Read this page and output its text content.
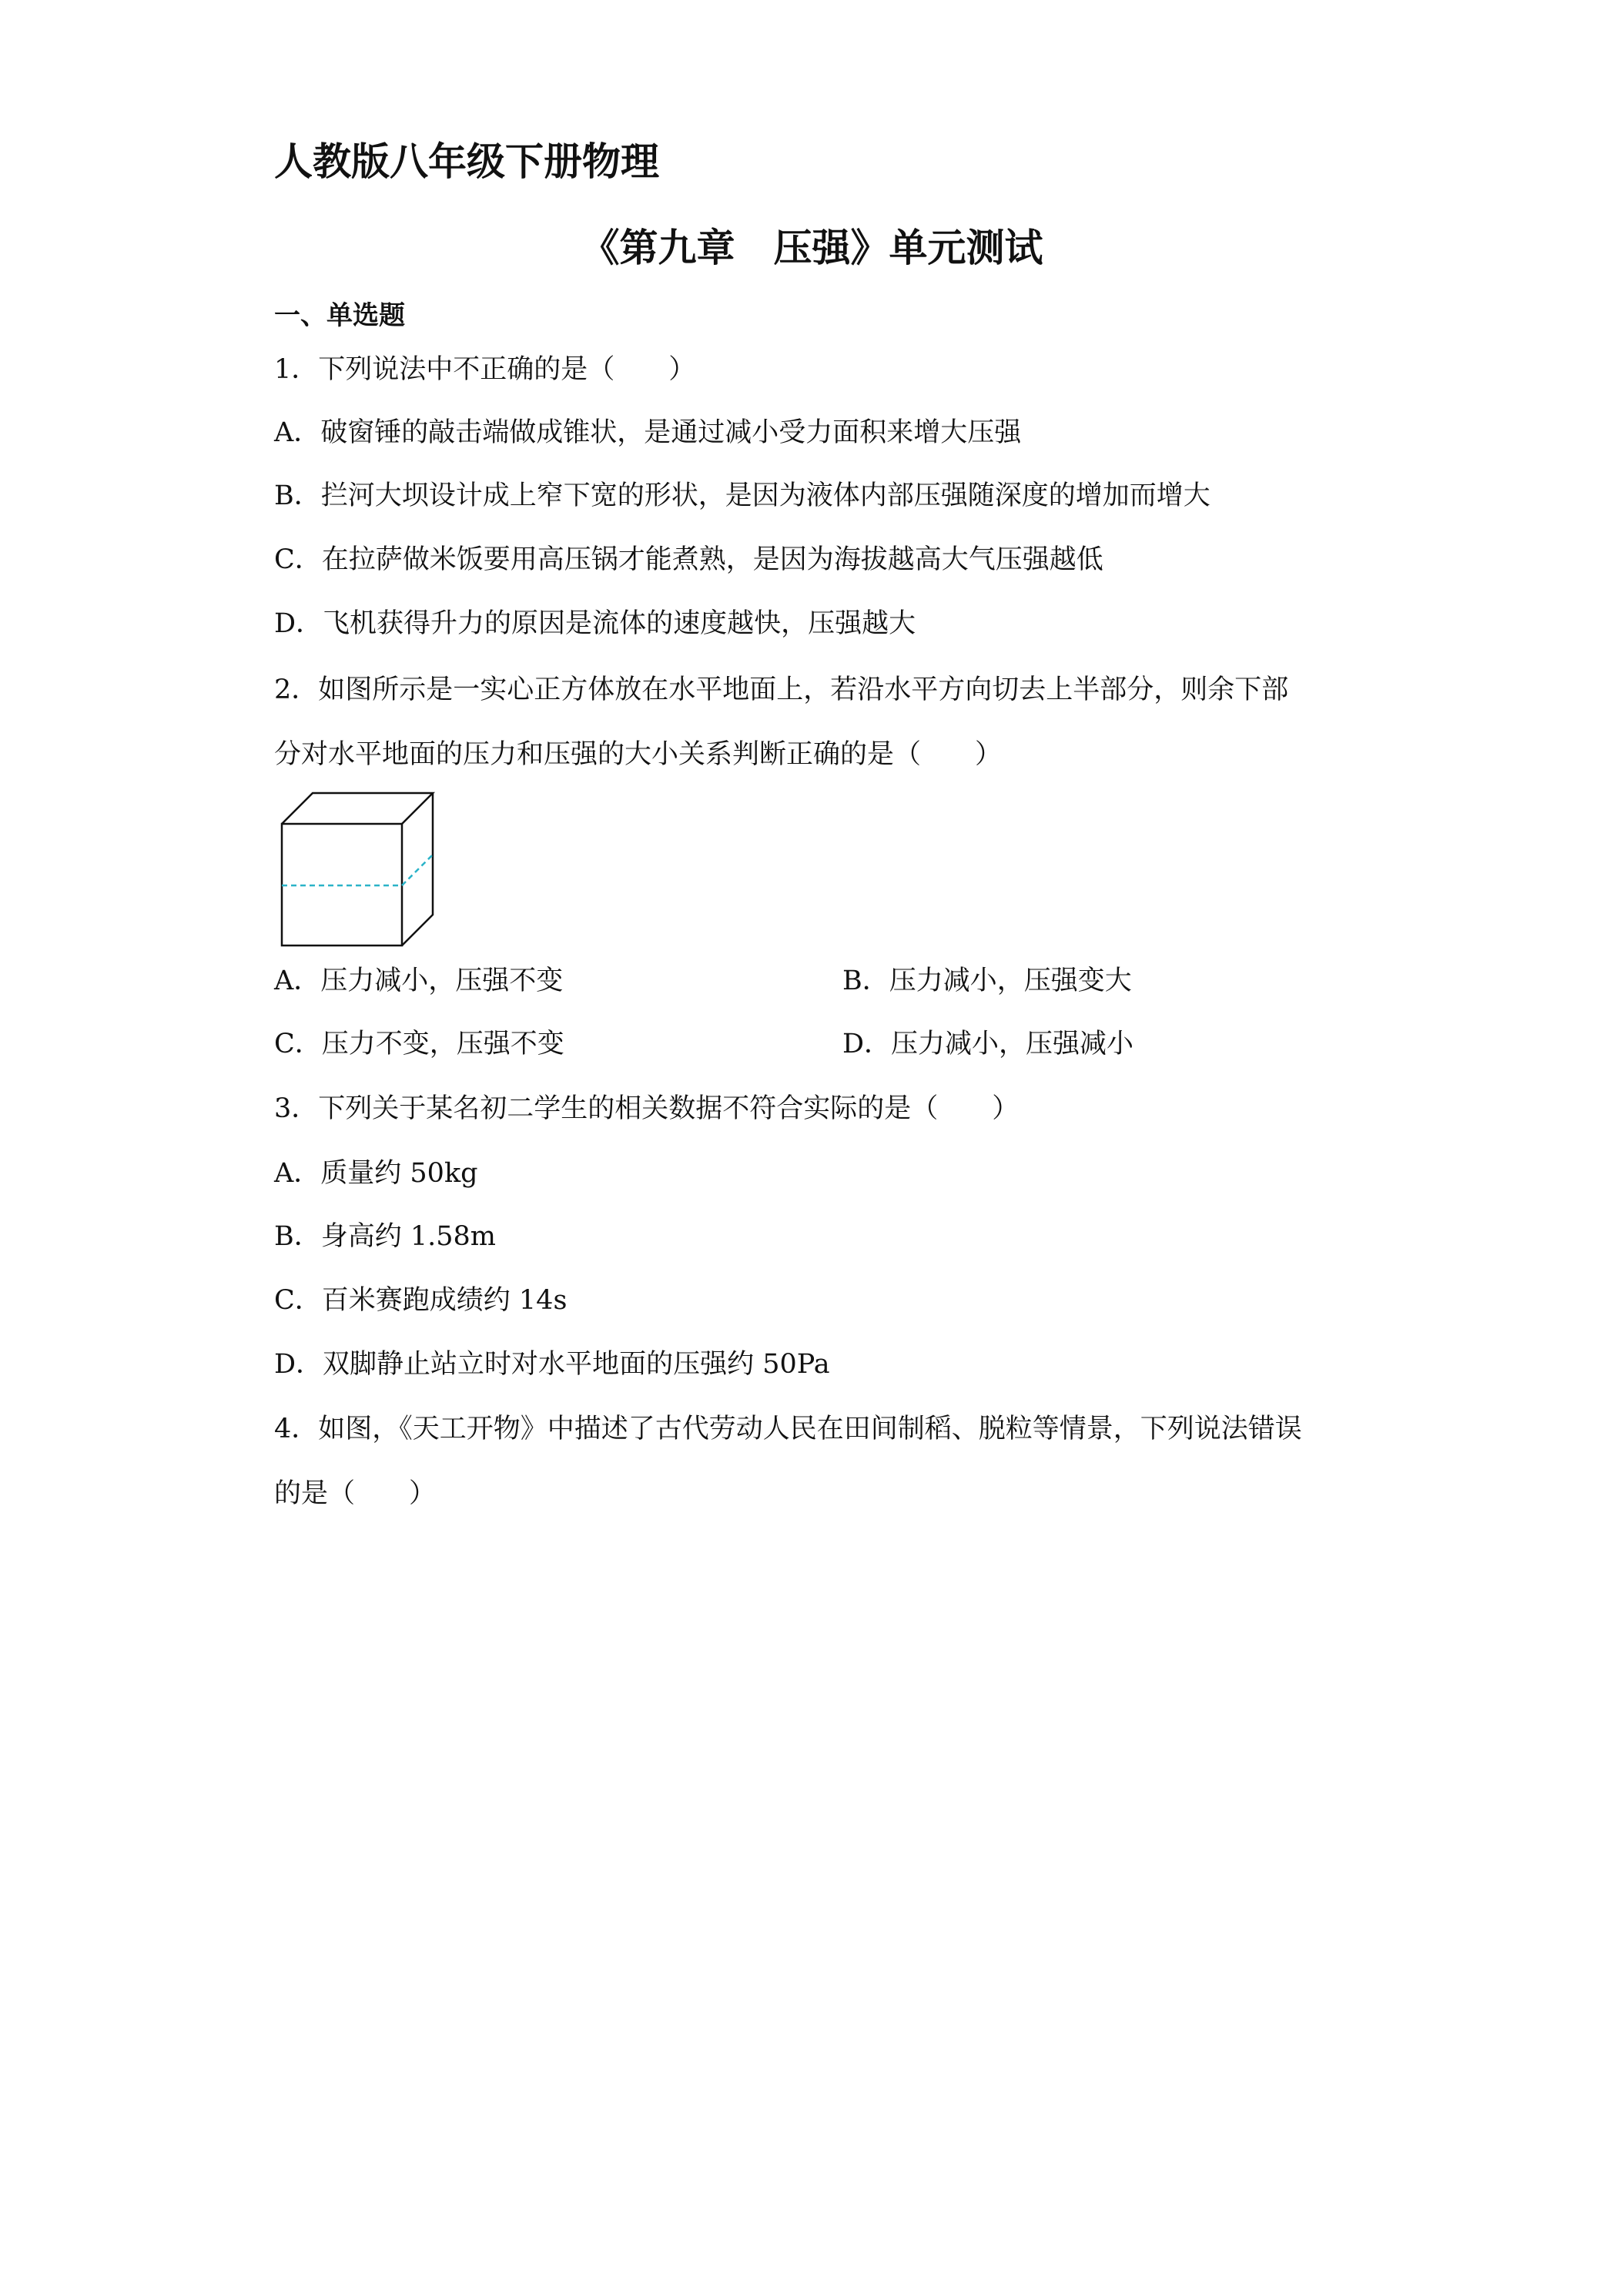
人教版八年级下册物理
《第九章　压强》单元测试
一、单选题
1．下列说法中不正确的是（　　）
A．破窗锤的敲击端做成锥状，是通过减小受力面积来增大压强
B．拦河大坝设计成上窄下宽的形状，是因为液体内部压强随深度的增加而增大
C．在拉萨做米饭要用高压锅才能煮熟，是因为海拔越高大气压强越低
D．飞机获得升力的原因是流体的速度越快，压强越大
2．如图所示是一实心正方体放在水平地面上，若沿水平方向切去上半部分，则余下部
分对水平地面的压力和压强的大小关系判断正确的是（　　）
A．压力减小，压强不变	B．压力减小，压强变大
C．压力不变，压强不变	D．压力减小，压强减小
3．下列关于某名初二学生的相关数据不符合实际的是（　　）
A．质量约 50kg
B．身高约 1.58m
C．百米赛跑成绩约 14s
D．双脚静止站立时对水平地面的压强约 50Pa
4．如图，《天工开物》中描述了古代劳动人民在田间制稻、脱粒等情景，下列说法错误
的是（　　）
